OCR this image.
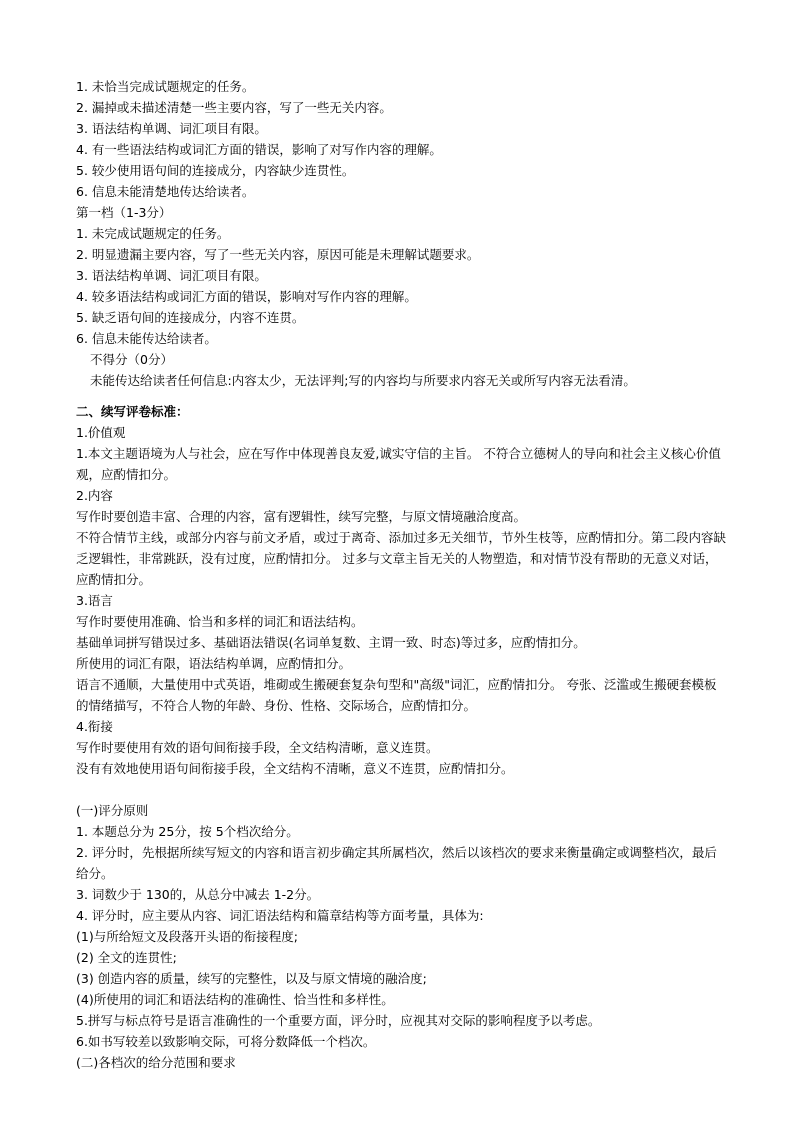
1. 未恰当完成试题规定的任务。
2. 漏掉或未描述清楚一些主要内容，写了一些无关内容。
3. 语法结构单调、词汇项目有限。
4. 有一些语法结构或词汇方面的错误，影响了对写作内容的理解。
5. 较少使用语句间的连接成分，内容缺少连贯性。
6. 信息未能清楚地传达给读者。
第一档（1-3分）
1. 未完成试题规定的任务。
2. 明显遗漏主要内容，写了一些无关内容，原因可能是未理解试题要求。
3. 语法结构单调、词汇项目有限。
4. 较多语法结构或词汇方面的错误，影响对写作内容的理解。
5. 缺乏语句间的连接成分，内容不连贯。
6. 信息未能传达给读者。
不得分（0分）
未能传达给读者任何信息:内容太少，无法评判;写的内容均与所要求内容无关或所写内容无法看清。
二、续写评卷标准：
1.价值观
1.本文主题语境为人与社会，应在写作中体现善良友爱,诚实守信的主旨。 不符合立德树人的导向和社会主义核心价值观，应酌情扣分。
2.内容
写作时要创造丰富、合理的内容，富有逻辑性，续写完整，与原文情境融洽度高。
不符合情节主线，或部分内容与前文矛盾，或过于离奇、添加过多无关细节，节外生枝等，应酌情扣分。第二段内容缺乏逻辑性，非常跳跃，没有过度，应酌情扣分。 过多与文章主旨无关的人物塑造，和对情节没有帮助的无意义对话，应酌情扣分。
3.语言
写作时要使用准确、恰当和多样的词汇和语法结构。
基础单词拼写错误过多、基础语法错误(名词单复数、主谓一致、时态)等过多，应酌情扣分。
所使用的词汇有限，语法结构单调，应酌情扣分。
语言不通顺，大量使用中式英语，堆砌或生搬硬套复杂句型和"高级"词汇，应酌情扣分。 夸张、泛滥或生搬硬套模板的情绪描写，不符合人物的年龄、身份、性格、交际场合，应酌情扣分。
4.衔接
写作时要使用有效的语句间衔接手段，全文结构清晰，意义连贯。
没有有效地使用语句间衔接手段，全文结构不清晰，意义不连贯，应酌情扣分。
(一)评分原则
1. 本题总分为 25分，按 5个档次给分。
2. 评分时，先根据所续写短文的内容和语言初步确定其所属档次，然后以该档次的要求来衡量确定或调整档次，最后给分。
3. 词数少于 130的，从总分中减去 1-2分。
4. 评分时，应主要从内容、词汇语法结构和篇章结构等方面考量，具体为:
(1)与所给短文及段落开头语的衔接程度;
(2) 全文的连贯性;
(3) 创造内容的质量，续写的完整性，以及与原文情境的融洽度;
(4)所使用的词汇和语法结构的准确性、恰当性和多样性。
5.拼写与标点符号是语言准确性的一个重要方面，评分时，应视其对交际的影响程度予以考虑。
6.如书写较差以致影响交际，可将分数降低一个档次。
(二)各档次的给分范围和要求
